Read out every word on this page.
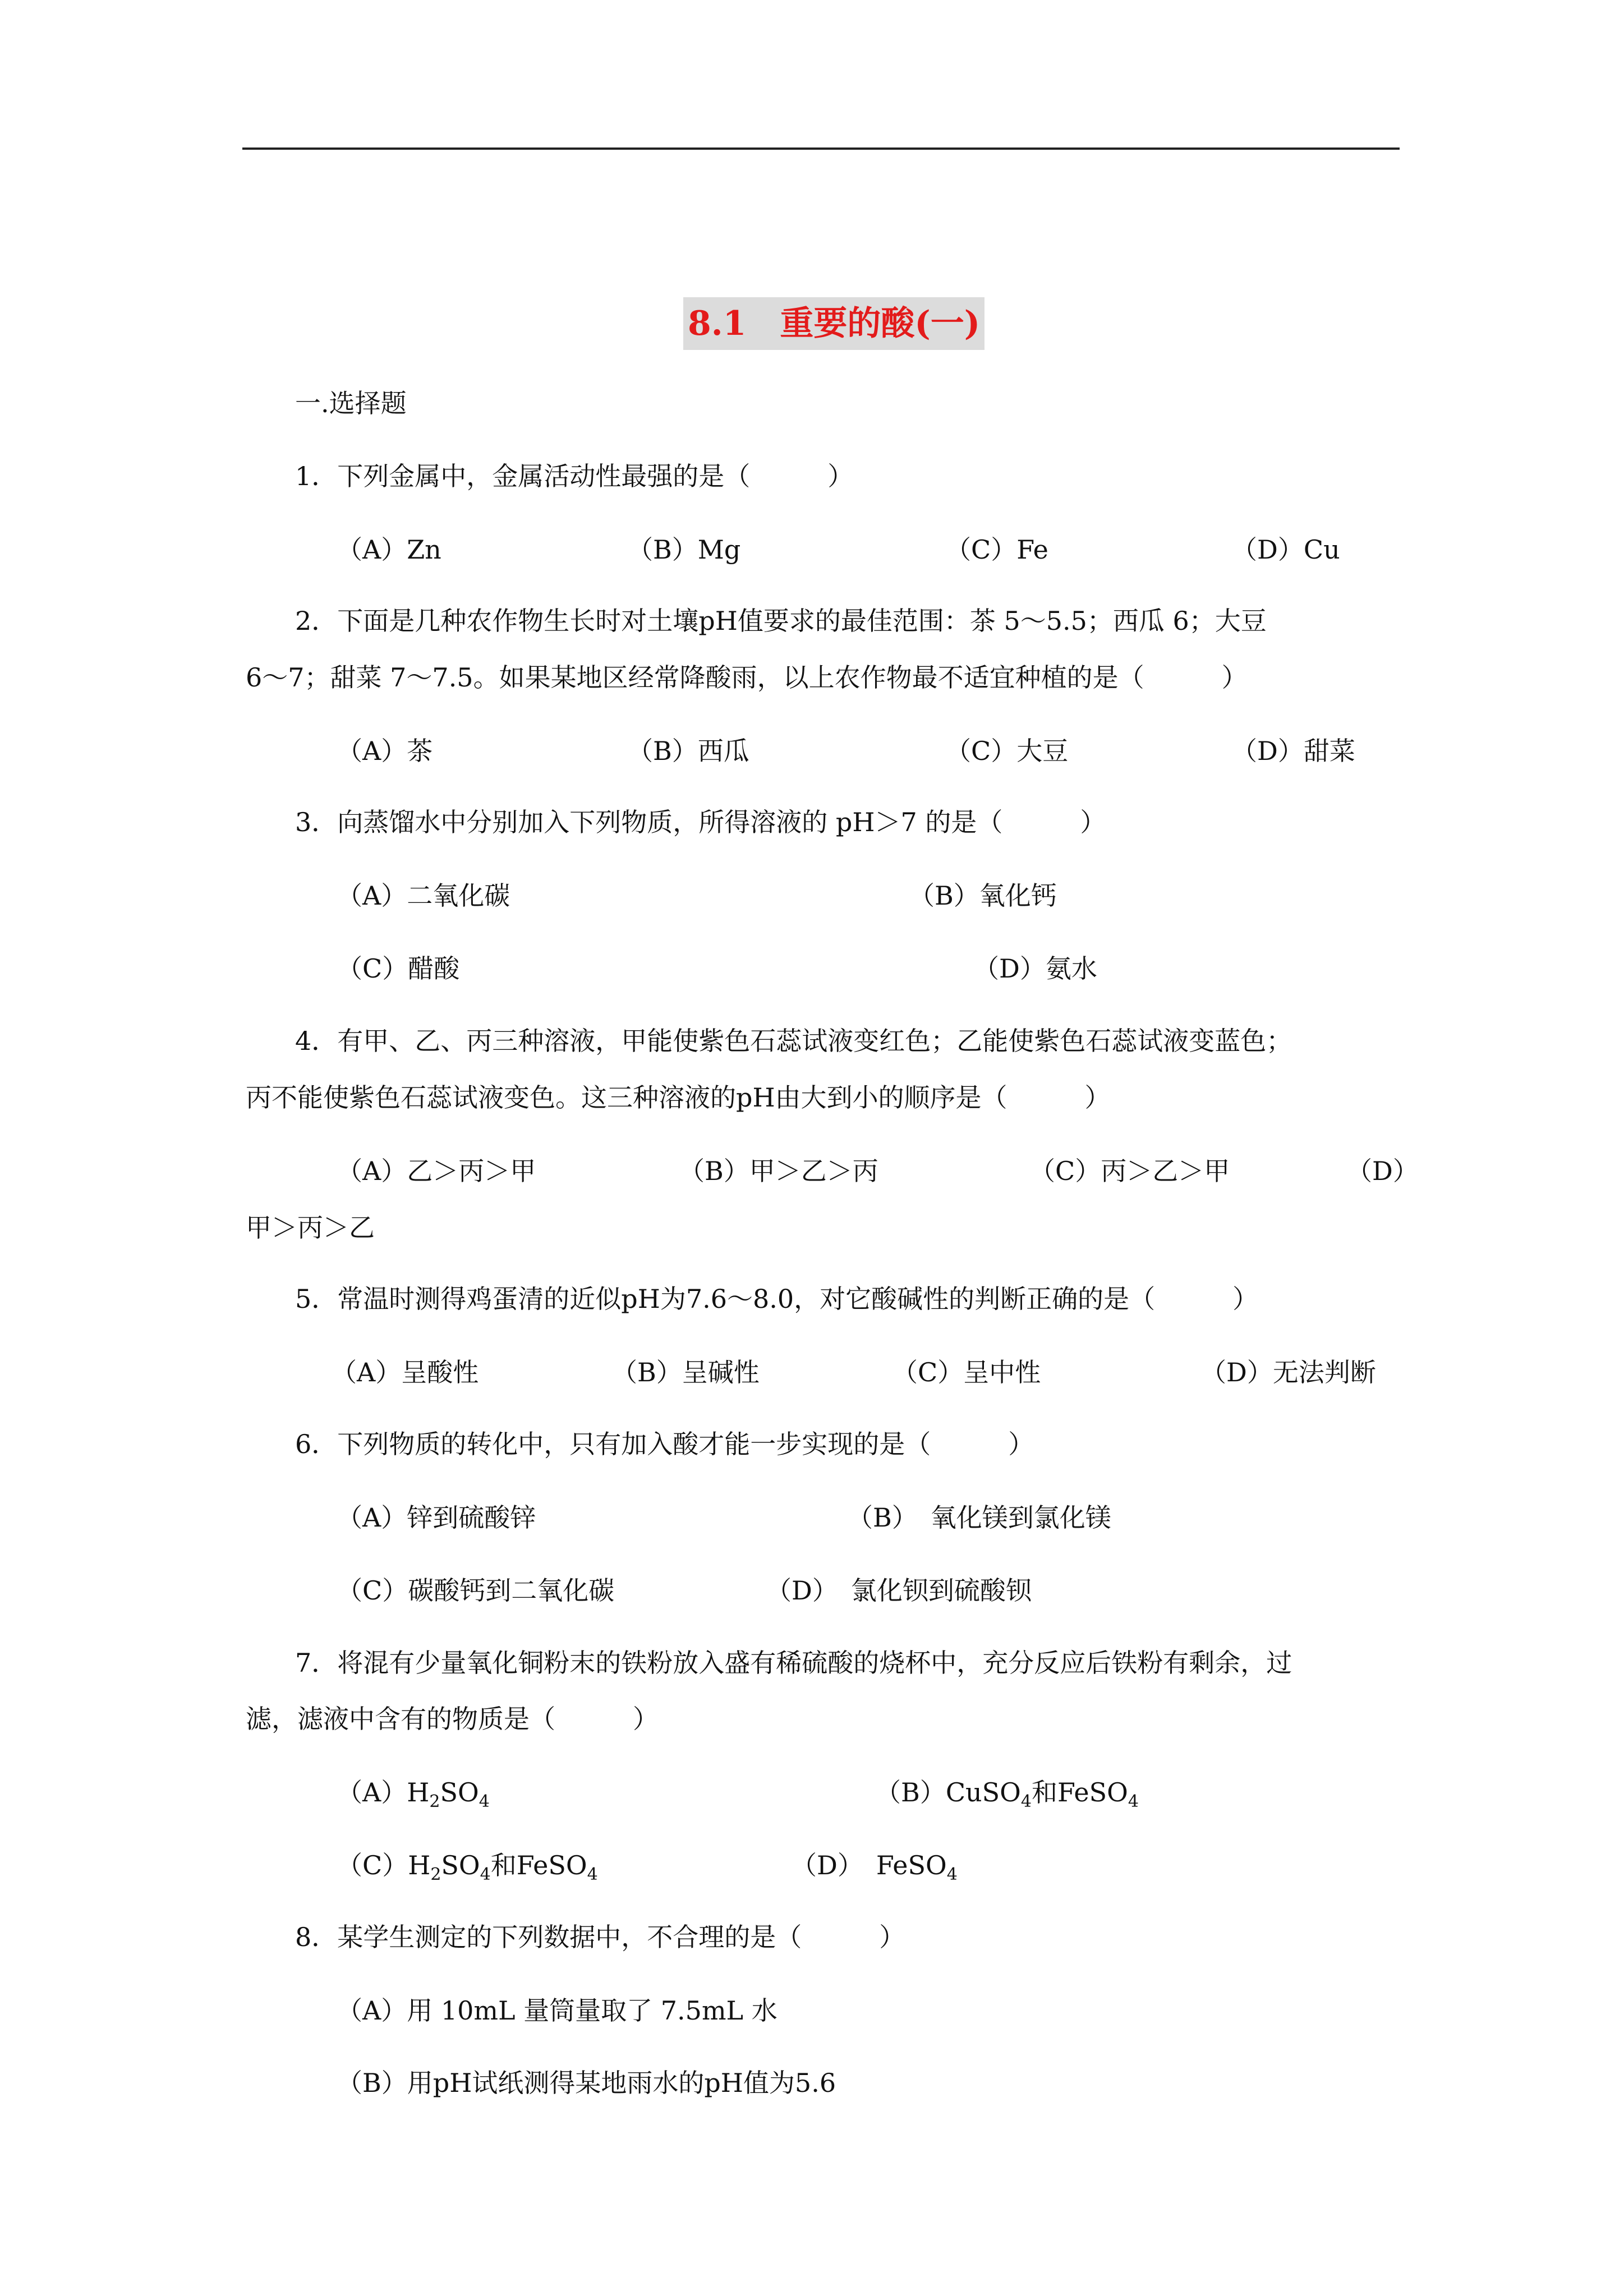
8.1　重要的酸(一)
一.选择题
1．下列金属中，金属活动性最强的是（　　　）
（A）Zn	（B）Mg	（C）Fe	（D）Cu
2．下面是几种农作物生长时对土壤pH值要求的最佳范围：茶 5～5.5；西瓜 6；大豆
6～7；甜菜 7～7.5。如果某地区经常降酸雨，以上农作物最不适宜种植的是（　　　）
（A）茶	（B）西瓜	（C）大豆	（D）甜菜
3．向蒸馏水中分别加入下列物质，所得溶液的 pH＞7 的是（　　　）
（A）二氧化碳	（B）氧化钙
（C）醋酸	（D）氨水
4．有甲、乙、丙三种溶液，甲能使紫色石蕊试液变红色；乙能使紫色石蕊试液变蓝色；
丙不能使紫色石蕊试液变色。这三种溶液的pH由大到小的顺序是（　　　）
（A）乙＞丙＞甲	（B）甲＞乙＞丙	（C）丙＞乙＞甲	（D）
甲＞丙＞乙
5．常温时测得鸡蛋清的近似pH为7.6～8.0，对它酸碱性的判断正确的是（　　　）
（A）呈酸性	（B）呈碱性	（C）呈中性	（D）无法判断
6．下列物质的转化中，只有加入酸才能一步实现的是（　　　）
（A）锌到硫酸锌	（B）　氧化镁到氯化镁
（C）碳酸钙到二氧化碳	（D）　氯化钡到硫酸钡
7．将混有少量氧化铜粉末的铁粉放入盛有稀硫酸的烧杯中，充分反应后铁粉有剩余，过
滤，滤液中含有的物质是（　　　）
$(A)H_2SO_4$	（B）CuSO$_4$和FeSO$_4$
$(C)H_2SO_4$和FeSO$_4$	（D）　FeSO$_4$
8．某学生测定的下列数据中，不合理的是（　　　）
（A）用 10mL 量筒量取了 7.5mL 水
（B）用pH试纸测得某地雨水的pH值为5.6
